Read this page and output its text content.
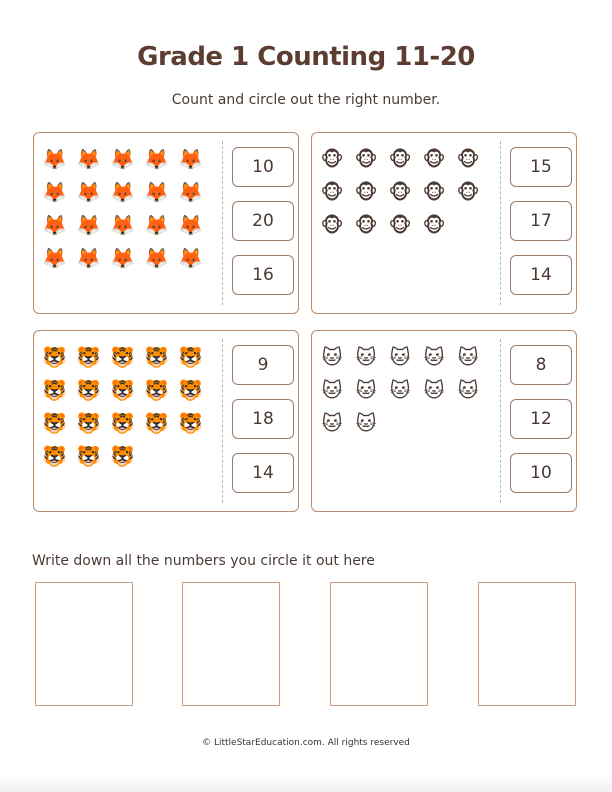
Grade 1 Counting 11-20
Count and circle out the right number.
🦊 🦊 🦊 🦊 🦊
🦊 🦊 🦊 🦊 🦊
🦊 🦊 🦊 🦊 🦊
🦊 🦊 🦊 🦊 🦊
10
20
16
🐵 🐵 🐵 🐵 🐵
🐵 🐵 🐵 🐵 🐵
🐵 🐵 🐵 🐵
15
17
14
🐯 🐯 🐯 🐯 🐯
🐯 🐯 🐯 🐯 🐯
🐯 🐯 🐯 🐯 🐯
🐯 🐯 🐯
9
18
14
🐱 🐱 🐱 🐱 🐱
🐱 🐱 🐱 🐱 🐱
🐱 🐱
8
12
10
Write down all the numbers you circle it out here
© LittleStarEducation.com. All rights reserved
